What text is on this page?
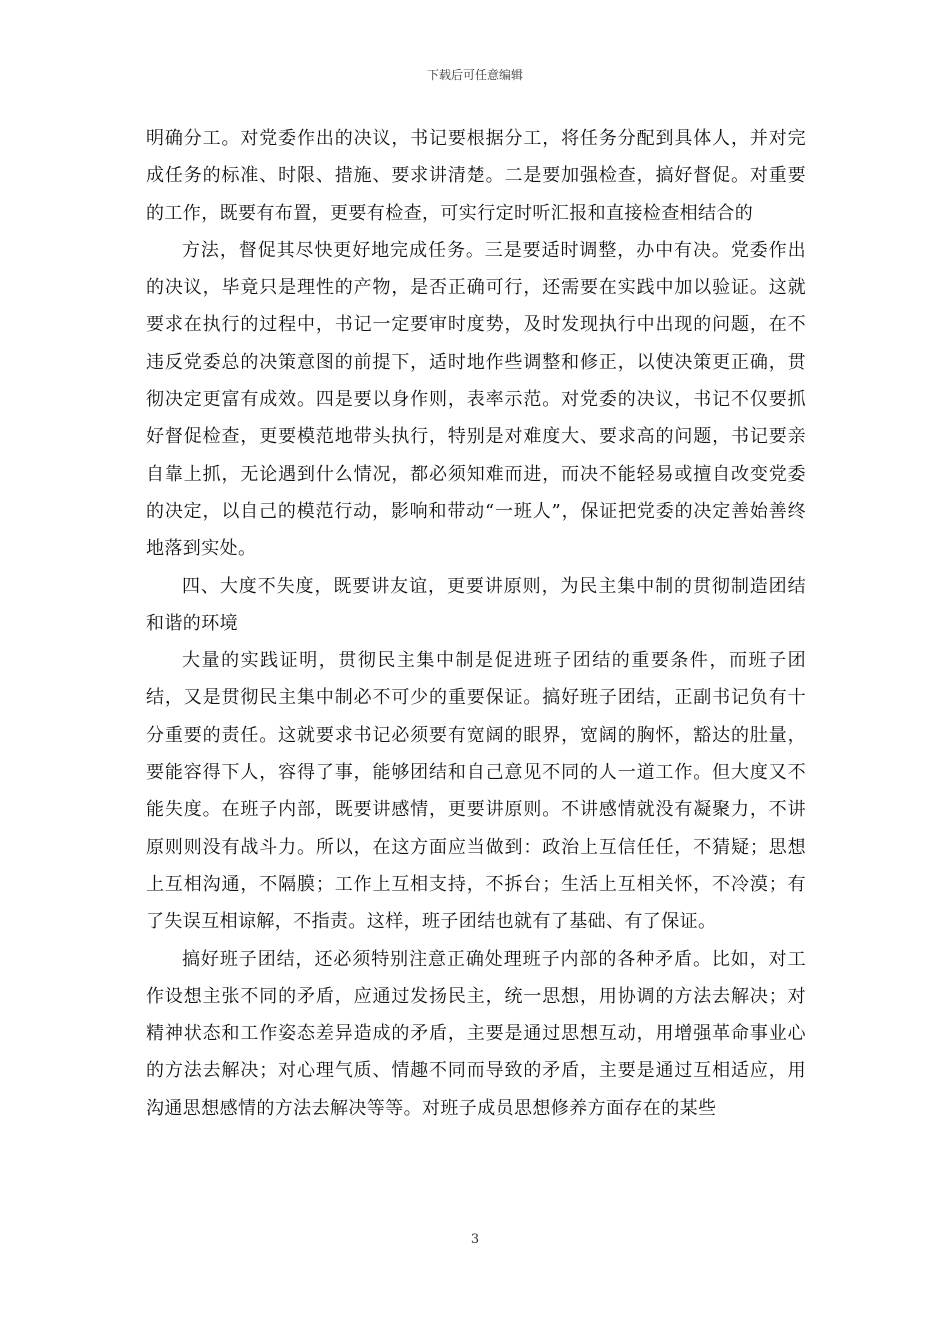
下载后可任意编辑

明确分工。对党委作出的决议，书记要根据分工，将任务分配到具体人，并对完成任务的标准、时限、措施、要求讲清楚。二是要加强检查，搞好督促。对重要的工作，既要有布置，更要有检查，可实行定时听汇报和直接检查相结合的

方法，督促其尽快更好地完成任务。三是要适时调整，办中有决。党委作出的决议，毕竟只是理性的产物，是否正确可行，还需要在实践中加以验证。这就要求在执行的过程中，书记一定要审时度势，及时发现执行中出现的问题，在不违反党委总的决策意图的前提下，适时地作些调整和修正，以使决策更正确，贯彻决定更富有成效。四是要以身作则，表率示范。对党委的决议，书记不仅要抓好督促检查，更要模范地带头执行，特别是对难度大、要求高的问题，书记要亲自靠上抓，无论遇到什么情况，都必须知难而进，而决不能轻易或擅自改变党委的决定，以自己的模范行动，影响和带动“一班人”，保证把党委的决定善始善终地落到实处。

四、大度不失度，既要讲友谊，更要讲原则，为民主集中制的贯彻制造团结和谐的环境

大量的实践证明，贯彻民主集中制是促进班子团结的重要条件，而班子团结，又是贯彻民主集中制必不可少的重要保证。搞好班子团结，正副书记负有十分重要的责任。这就要求书记必须要有宽阔的眼界，宽阔的胸怀，豁达的肚量，要能容得下人，容得了事，能够团结和自己意见不同的人一道工作。但大度又不能失度。在班子内部，既要讲感情，更要讲原则。不讲感情就没有凝聚力，不讲原则则没有战斗力。所以，在这方面应当做到：政治上互信任任，不猜疑；思想上互相沟通，不隔膜；工作上互相支持，不拆台；生活上互相关怀，不冷漠；有了失误互相谅解，不指责。这样，班子团结也就有了基础、有了保证。

搞好班子团结，还必须特别注意正确处理班子内部的各种矛盾。比如，对工作设想主张不同的矛盾，应通过发扬民主，统一思想，用协调的方法去解决；对精神状态和工作姿态差异造成的矛盾，主要是通过思想互动，用增强革命事业心的方法去解决；对心理气质、情趣不同而导致的矛盾，主要是通过互相适应，用沟通思想感情的方法去解决等等。对班子成员思想修养方面存在的某些

3
